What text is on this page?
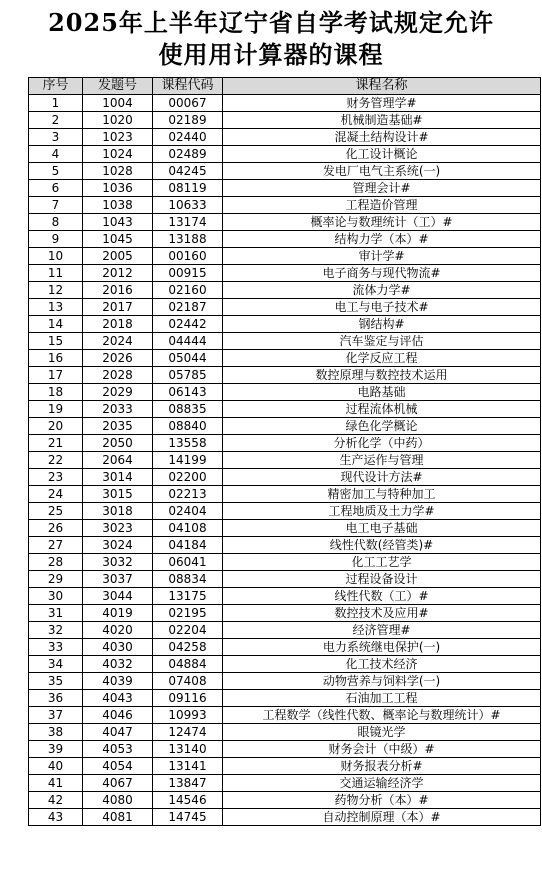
2025年上半年辽宁省自学考试规定允许
使用用计算器的课程
序号	发题号	课程代码	课程名称
1	1004	00067	财务管理学#
2	1020	02189	机械制造基础#
3	1023	02440	混凝土结构设计#
4	1024	02489	化工设计概论
5	1028	04245	发电厂电气主系统(一)
6	1036	08119	管理会计#
7	1038	10633	工程造价管理
8	1043	13174	概率论与数理统计（工）#
9	1045	13188	结构力学（本）#
10	2005	00160	审计学#
11	2012	00915	电子商务与现代物流#
12	2016	02160	流体力学#
13	2017	02187	电工与电子技术#
14	2018	02442	钢结构#
15	2024	04444	汽车鉴定与评估
16	2026	05044	化学反应工程
17	2028	05785	数控原理与数控技术运用
18	2029	06143	电路基础
19	2033	08835	过程流体机械
20	2035	08840	绿色化学概论
21	2050	13558	分析化学（中药）
22	2064	14199	生产运作与管理
23	3014	02200	现代设计方法#
24	3015	02213	精密加工与特种加工
25	3018	02404	工程地质及土力学#
26	3023	04108	电工电子基础
27	3024	04184	线性代数(经管类)#
28	3032	06041	化工工艺学
29	3037	08834	过程设备设计
30	3044	13175	线性代数（工）#
31	4019	02195	数控技术及应用#
32	4020	02204	经济管理#
33	4030	04258	电力系统继电保护(一)
34	4032	04884	化工技术经济
35	4039	07408	动物营养与饲料学(一)
36	4043	09116	石油加工工程
37	4046	10993	工程数学（线性代数、概率论与数理统计）#
38	4047	12474	眼镜光学
39	4053	13140	财务会计（中级）#
40	4054	13141	财务报表分析#
41	4067	13847	交通运输经济学
42	4080	14546	药物分析（本）#
43	4081	14745	自动控制原理（本）#
